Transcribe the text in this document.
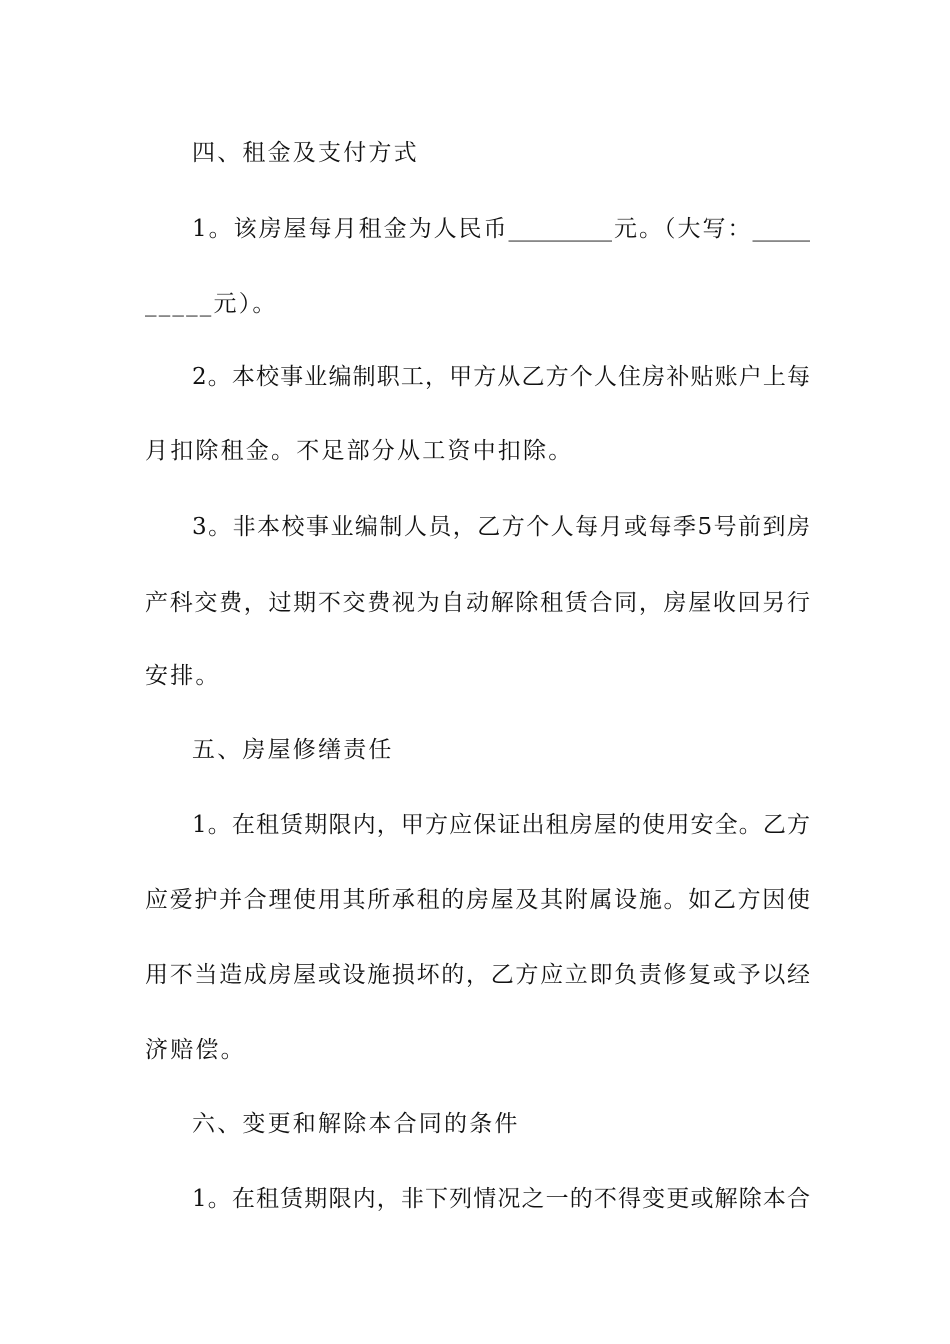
四、租金及支付方式
1。该房屋每月租金为人民币_________元。（大写：_____
_____元）。
2。本校事业编制职工，甲方从乙方个人住房补贴账户上每
月扣除租金。不足部分从工资中扣除。
3。非本校事业编制人员，乙方个人每月或每季5号前到房
产科交费，过期不交费视为自动解除租赁合同，房屋收回另行
安排。
五、房屋修缮责任
1。在租赁期限内，甲方应保证出租房屋的使用安全。乙方
应爱护并合理使用其所承租的房屋及其附属设施。如乙方因使
用不当造成房屋或设施损坏的，乙方应立即负责修复或予以经
济赔偿。
六、变更和解除本合同的条件
1。在租赁期限内，非下列情况之一的不得变更或解除本合
